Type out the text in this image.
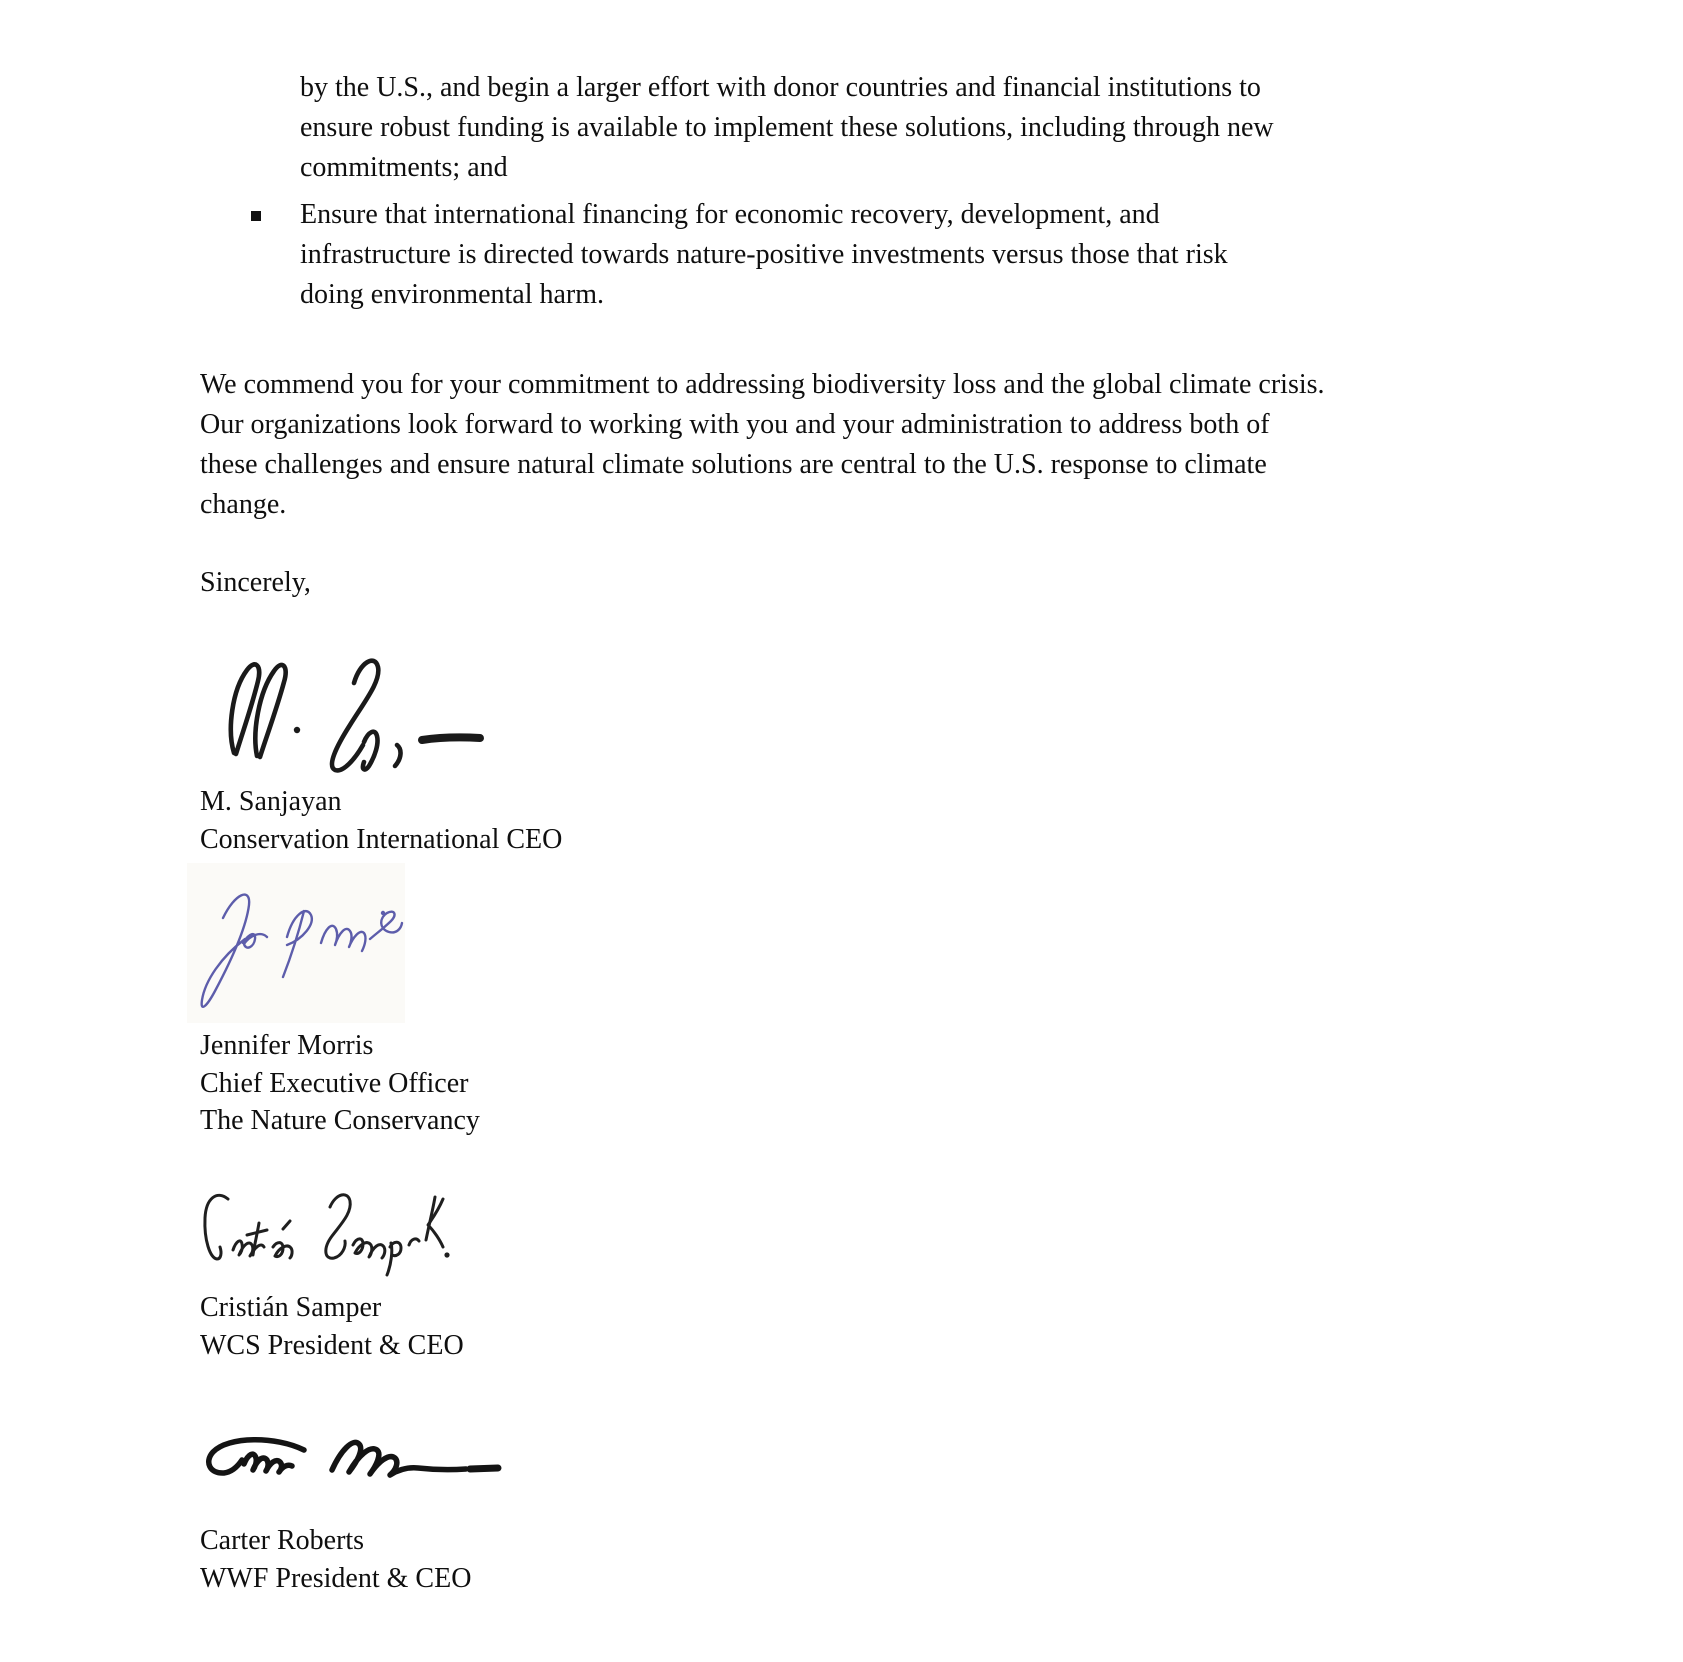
by the U.S., and begin a larger effort with donor countries and financial institutions to
ensure robust funding is available to implement these solutions, including through new
commitments; and
Ensure that international financing for economic recovery, development, and
infrastructure is directed towards nature-positive investments versus those that risk
doing environmental harm.
We commend you for your commitment to addressing biodiversity loss and the global climate crisis.
Our organizations look forward to working with you and your administration to address both of
these challenges and ensure natural climate solutions are central to the U.S. response to climate
change.
Sincerely,
M. Sanjayan
Conservation International CEO
Jennifer Morris
Chief Executive Officer
The Nature Conservancy
Cristián Samper
WCS President & CEO
Carter Roberts
WWF President & CEO
